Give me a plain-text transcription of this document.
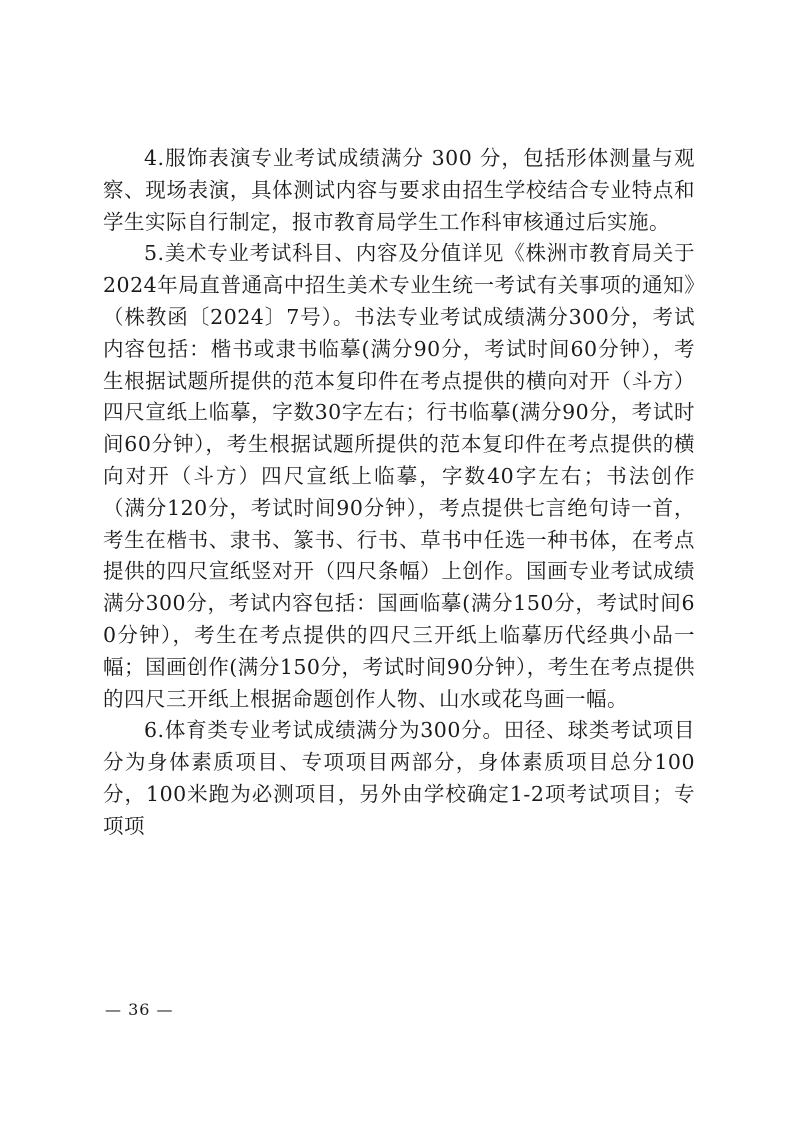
4.服饰表演专业考试成绩满分 300 分，包括形体测量与观察、现场表演，具体测试内容与要求由招生学校结合专业特点和学生实际自行制定，报市教育局学生工作科审核通过后实施。

5.美术专业考试科目、内容及分值详见《株洲市教育局关于2024年局直普通高中招生美术专业生统一考试有关事项的通知》（株教函〔2024〕7号）。书法专业考试成绩满分300分，考试内容包括：楷书或隶书临摹(满分90分，考试时间60分钟），考生根据试题所提供的范本复印件在考点提供的横向对开（斗方）四尺宣纸上临摹，字数30字左右；行书临摹(满分90分，考试时间60分钟），考生根据试题所提供的范本复印件在考点提供的横向对开（斗方）四尺宣纸上临摹，字数40字左右；书法创作（满分120分，考试时间90分钟），考点提供七言绝句诗一首，考生在楷书、隶书、篆书、行书、草书中任选一种书体，在考点提供的四尺宣纸竖对开（四尺条幅）上创作。国画专业考试成绩满分300分，考试内容包括：国画临摹(满分150分，考试时间60分钟），考生在考点提供的四尺三开纸上临摹历代经典小品一幅；国画创作(满分150分，考试时间90分钟），考生在考点提供的四尺三开纸上根据命题创作人物、山水或花鸟画一幅。

6.体育类专业考试成绩满分为300分。田径、球类考试项目分为身体素质项目、专项项目两部分，身体素质项目总分100分，100米跑为必测项目，另外由学校确定1-2项考试项目；专项项

— 36 —
